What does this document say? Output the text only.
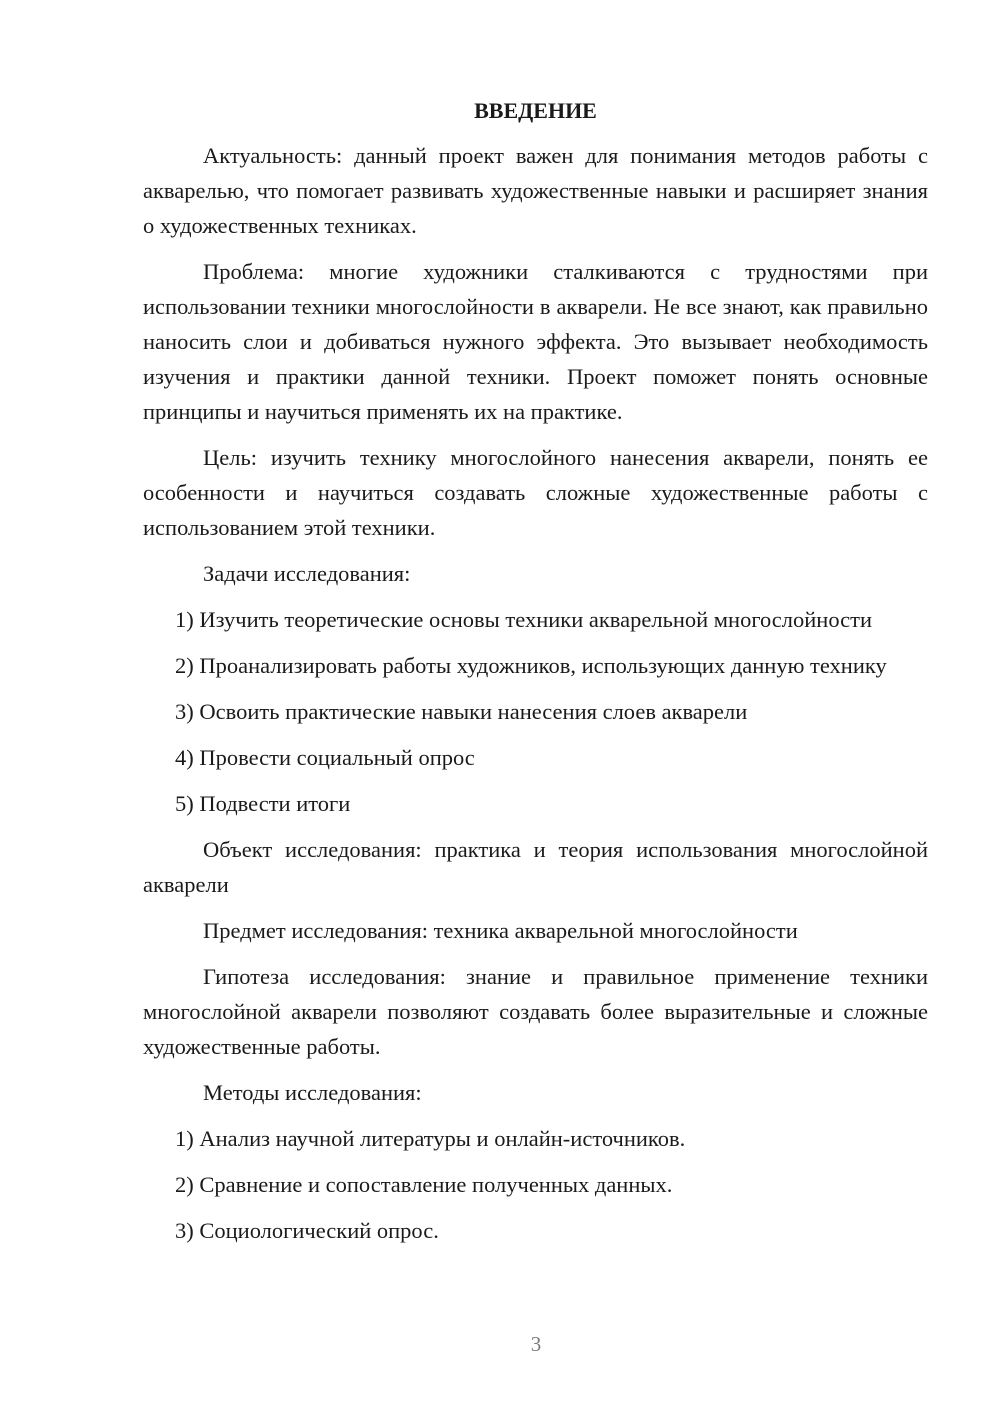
ВВЕДЕНИЕ

Актуальность: данный проект важен для понимания методов работы с акварелью, что помогает развивать художественные навыки и расширяет знания о художественных техниках.

Проблема: многие художники сталкиваются с трудностями при использовании техники многослойности в акварели. Не все знают, как правильно наносить слои и добиваться нужного эффекта. Это вызывает необходимость изучения и практики данной техники. Проект поможет понять основные принципы и научиться применять их на практике.

Цель: изучить технику многослойного нанесения акварели, понять ее особенности и научиться создавать сложные художественные работы с использованием этой техники.

Задачи исследования:

1) Изучить теоретические основы техники акварельной многослойности

2) Проанализировать работы художников, использующих данную технику

3) Освоить практические навыки нанесения слоев акварели

4) Провести социальный опрос

5) Подвести итоги

Объект исследования: практика и теория использования многослойной акварели

Предмет исследования: техника акварельной многослойности

Гипотеза исследования: знание и правильное применение техники многослойной акварели позволяют создавать более выразительные и сложные художественные работы.

Методы исследования:

1) Анализ научной литературы и онлайн-источников.

2) Сравнение и сопоставление полученных данных.

3) Социологический опрос.

3
